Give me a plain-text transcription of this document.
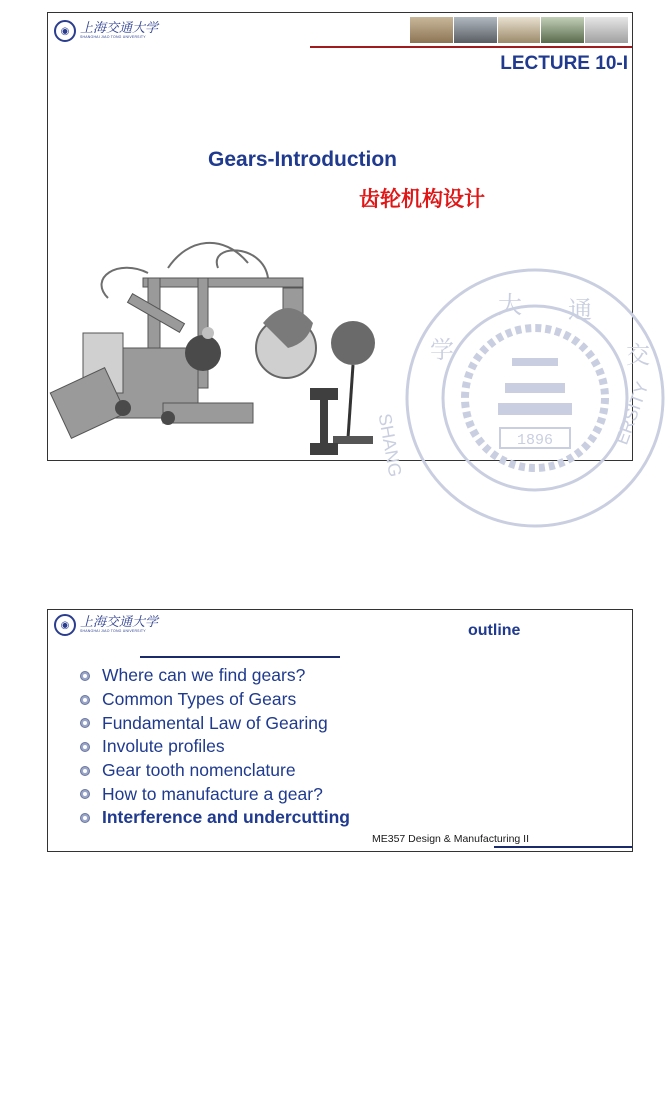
◉ 上海交通大学
SHANGHAI JIAO TONG UNIVERSITY
LECTURE 10-I
Gears-Introduction
齿轮机构设计
学
大 通
交
SHANG	ERSITY
1896
◉ 上海交通大学
SHANGHAI JIAO TONG UNIVERSITY	outline
Where can we find gears?
Common Types of Gears
Fundamental Law of Gearing
Involute profiles
Gear tooth nomenclature
How to manufacture a gear?
Interference and undercutting
ME357 Design & Manufacturing II
